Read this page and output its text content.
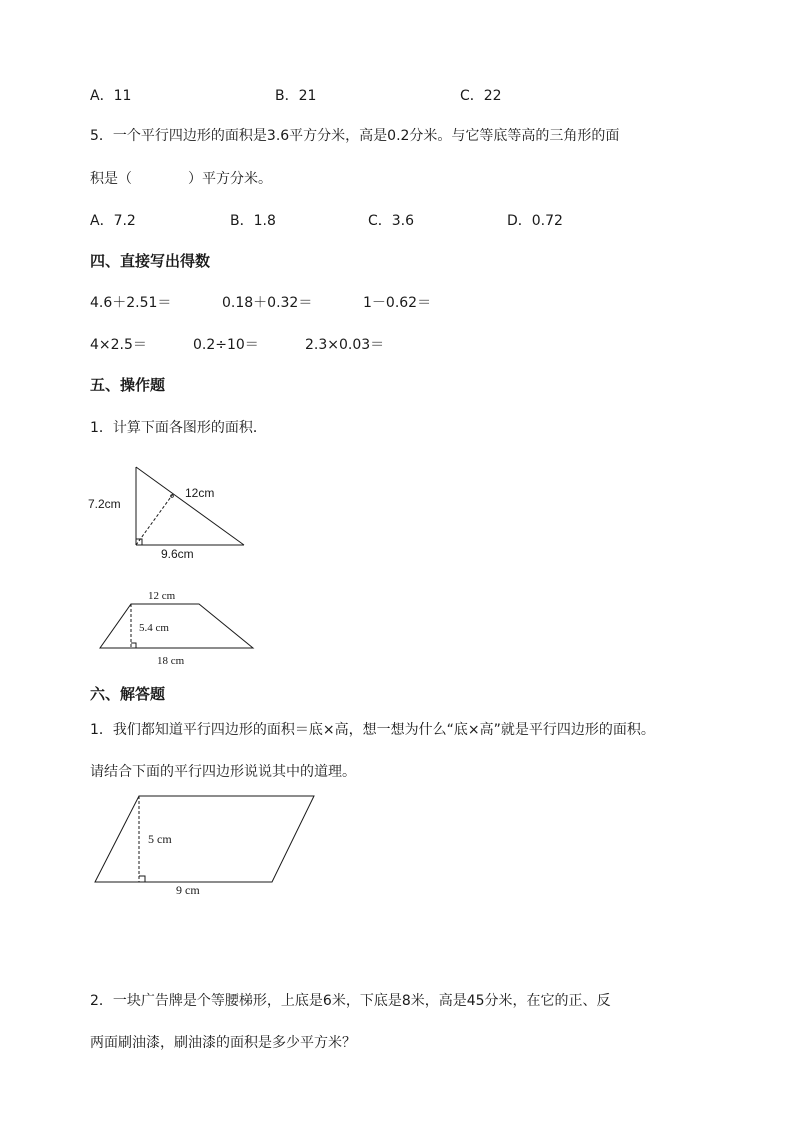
A．11	B．21	C．22
5．一个平行四边形的面积是3.6平方分米，高是0.2分米。与它等底等高的三角形的面
积是（　　　　）平方分米。
A．7.2	B．1.8	C．3.6	D．0.72
四、直接写出得数
4.6＋2.51＝	0.18＋0.32＝	1－0.62＝
4×2.5＝	0.2÷10＝	2.3×0.03＝
五、操作题
1．计算下面各图形的面积．
7.2cm
12cm
9.6cm
12 cm
5.4 cm
18 cm
六、解答题
1．我们都知道平行四边形的面积＝底×高，想一想为什么“底×高”就是平行四边形的面积。
请结合下面的平行四边形说说其中的道理。
5 cm
9 cm
2．一块广告牌是个等腰梯形，上底是6米，下底是8米，高是45分米，在它的正、反
两面刷油漆，刷油漆的面积是多少平方米？
